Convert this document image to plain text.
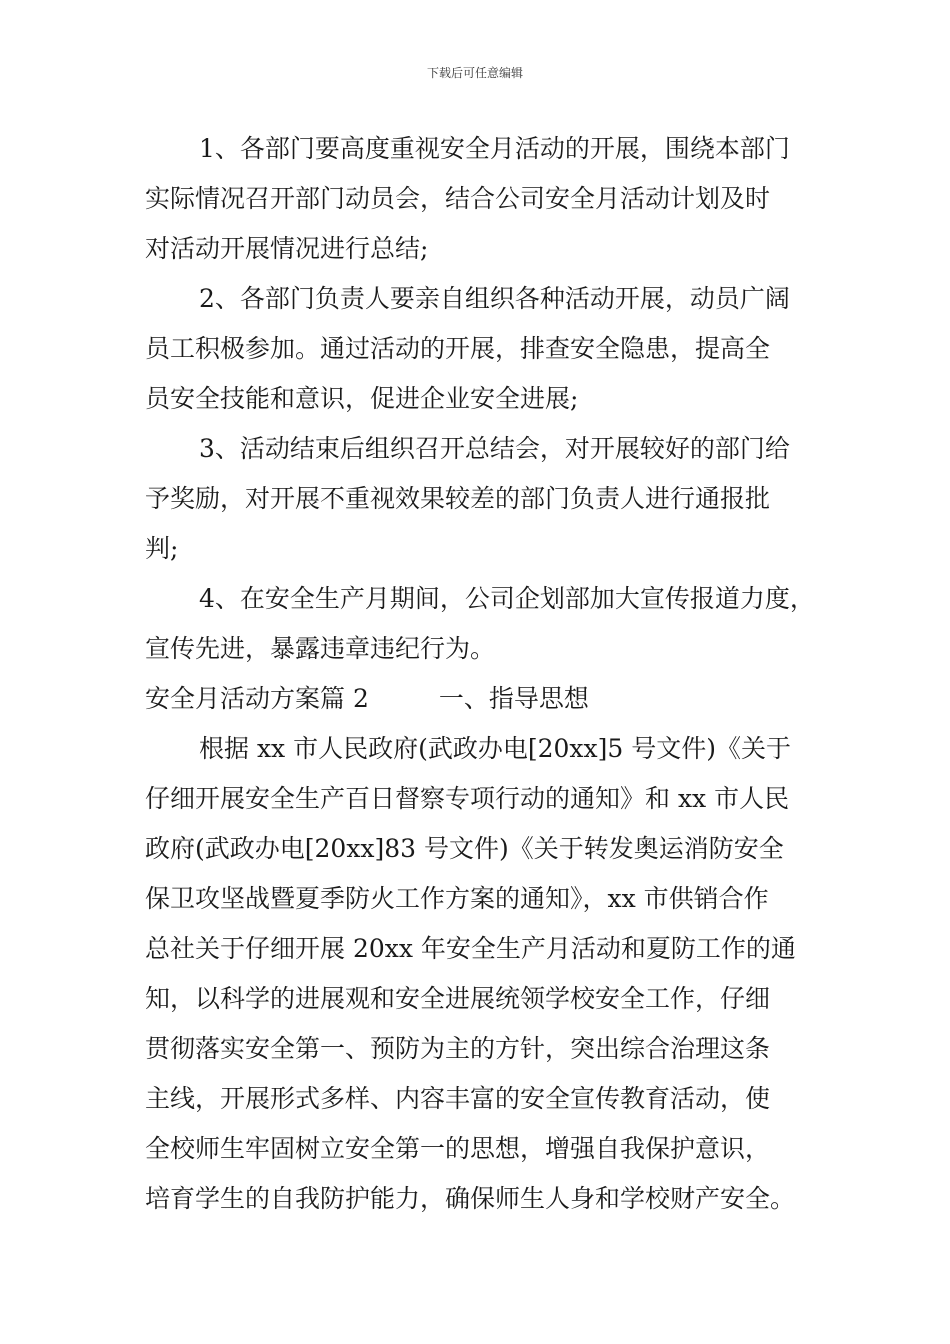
下载后可任意编辑
1、各部门要高度重视安全月活动的开展，围绕本部门
实际情况召开部门动员会，结合公司安全月活动计划及时
对活动开展情况进行总结;
2、各部门负责人要亲自组织各种活动开展，动员广阔
员工积极参加。通过活动的开展，排查安全隐患，提高全
员安全技能和意识，促进企业安全进展;
3、活动结束后组织召开总结会，对开展较好的部门给
予奖励，对开展不重视效果较差的部门负责人进行通报批
判;
4、在安全生产月期间，公司企划部加大宣传报道力度，
宣传先进，暴露违章违纪行为。
安全月活动方案篇 2	一、指导思想
根据 xx 市人民政府(武政办电[20xx]5 号文件)《关于
仔细开展安全生产百日督察专项行动的通知》和 xx 市人民
政府(武政办电[20xx]83 号文件)《关于转发奥运消防安全
保卫攻坚战暨夏季防火工作方案的通知》，xx 市供销合作
总社关于仔细开展 20xx 年安全生产月活动和夏防工作的通
知，以科学的进展观和安全进展统领学校安全工作，仔细
贯彻落实安全第一、预防为主的方针，突出综合治理这条
主线，开展形式多样、内容丰富的安全宣传教育活动，使
全校师生牢固树立安全第一的思想，增强自我保护意识，
培育学生的自我防护能力，确保师生人身和学校财产安全。
